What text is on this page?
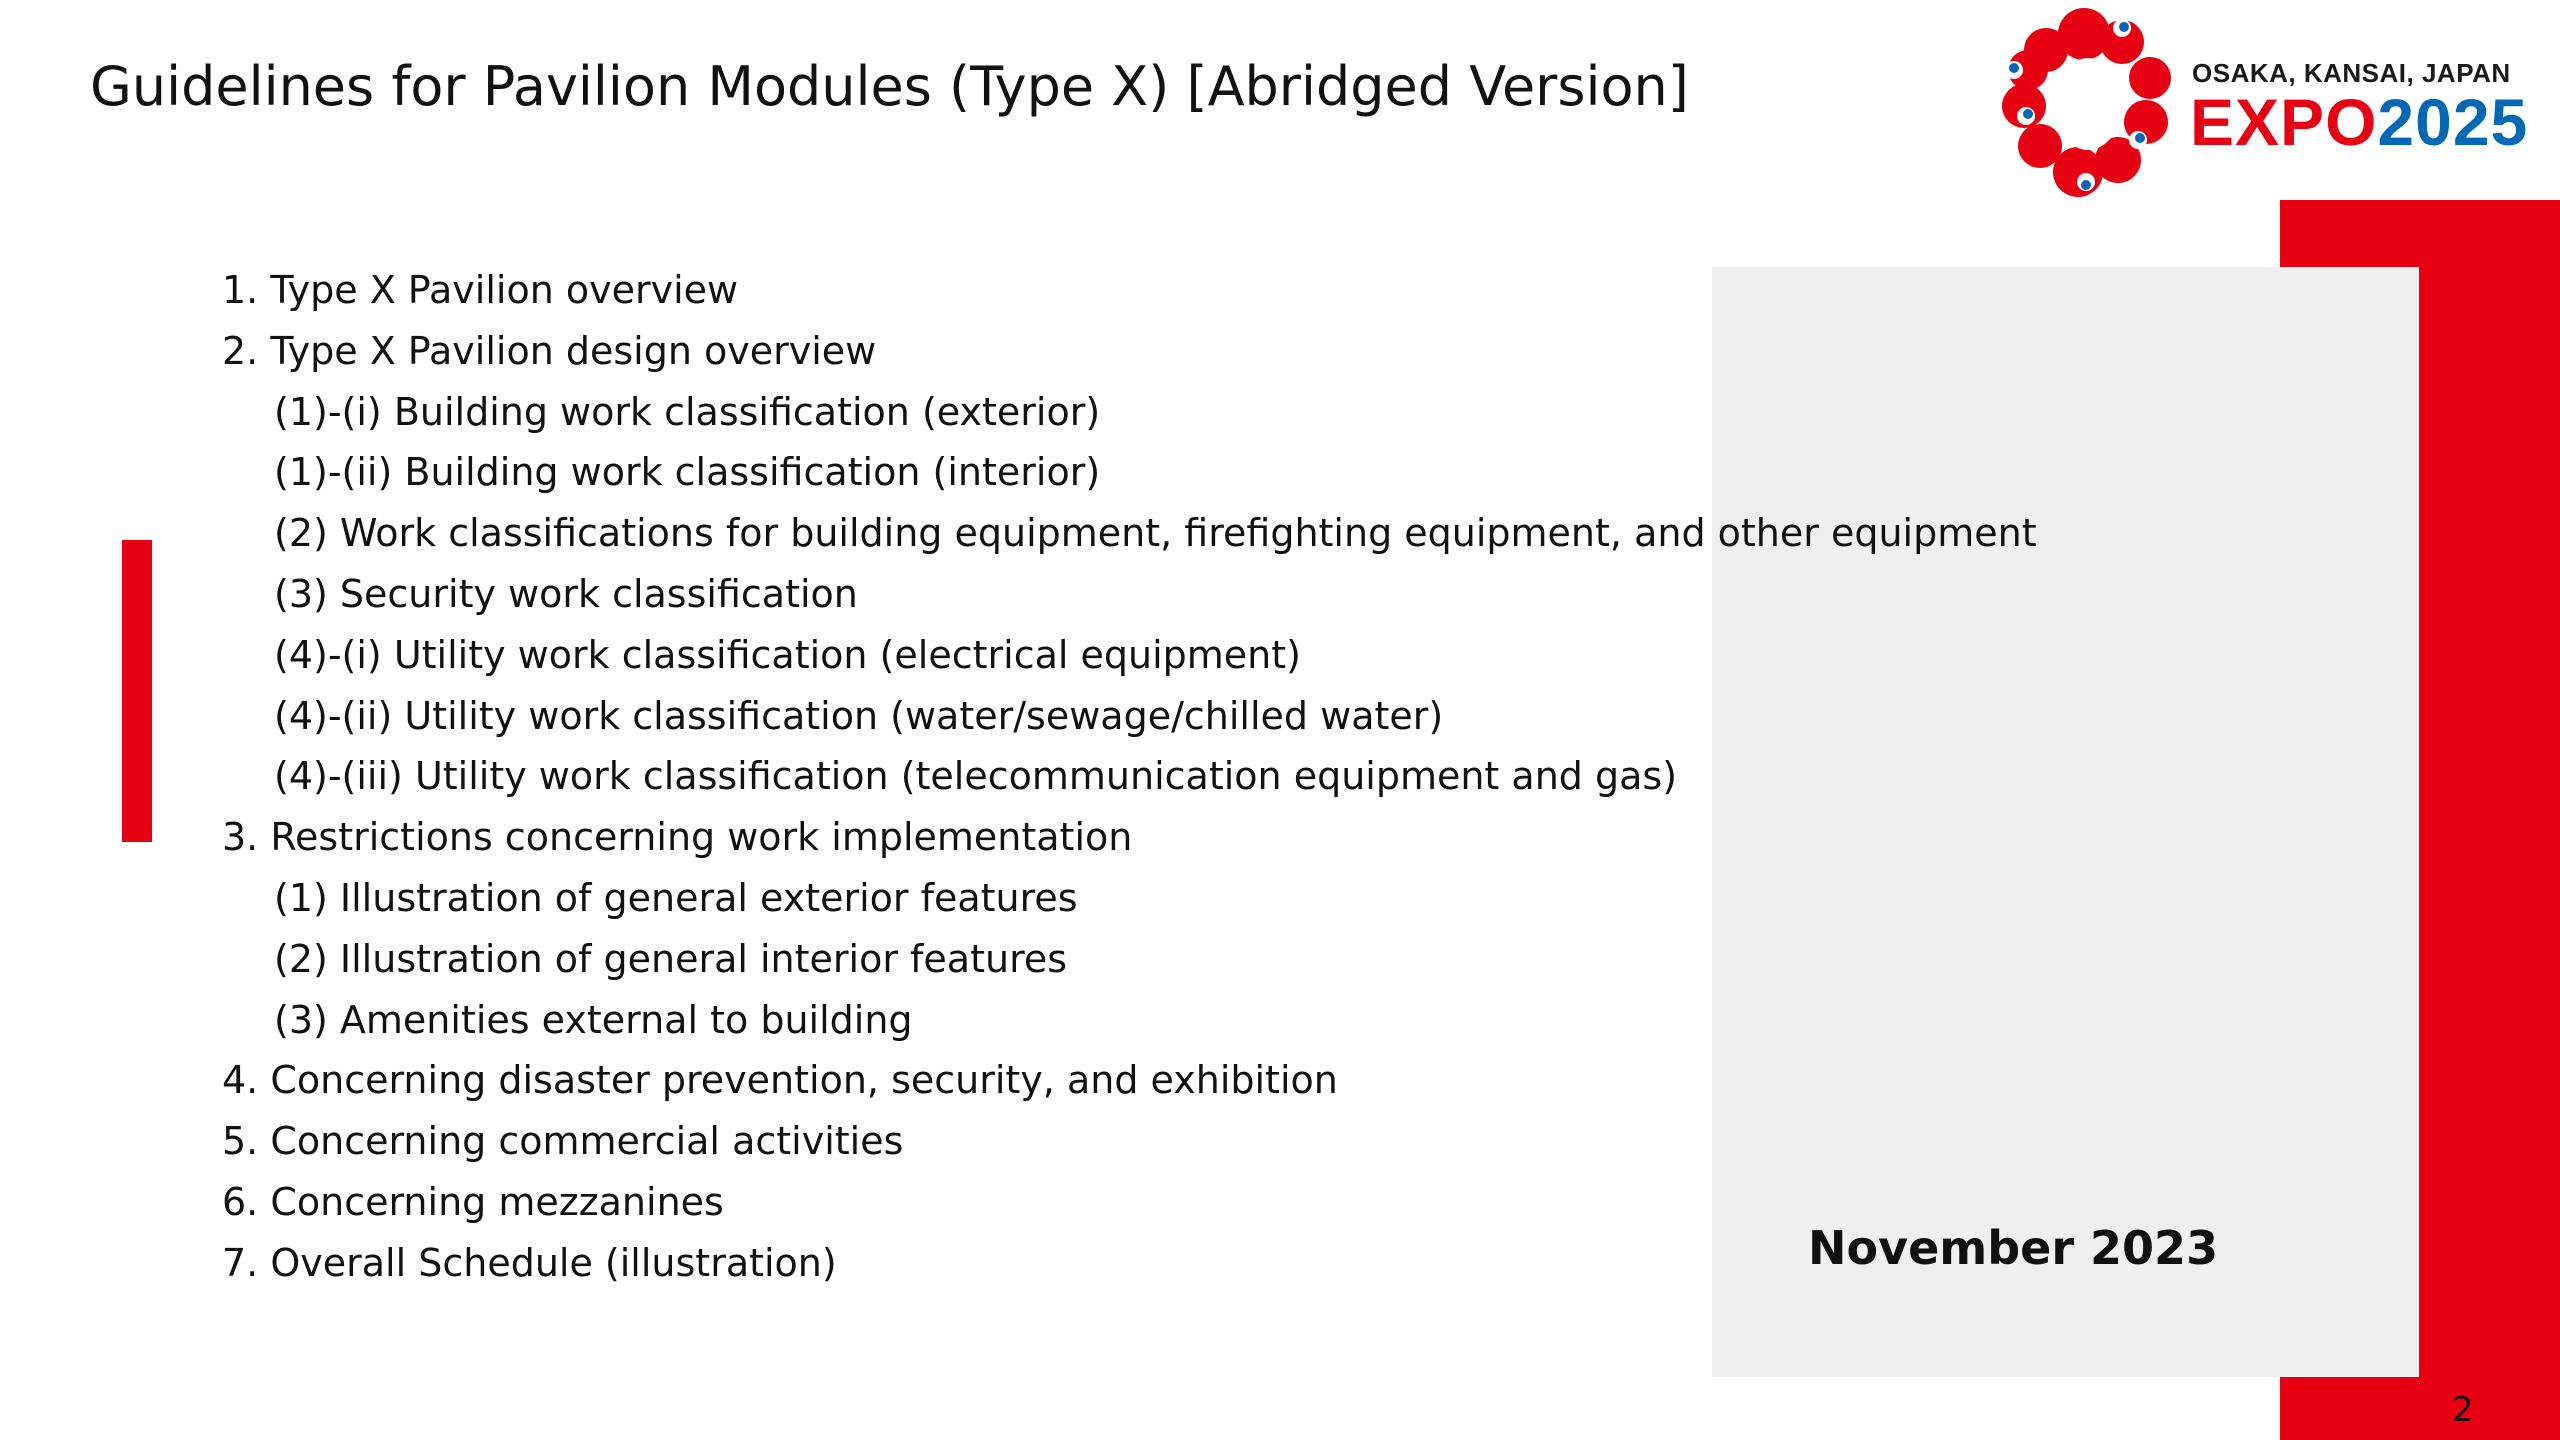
Guidelines for Pavilion Modules (Type X) [Abridged Version]	OSAKA, KANSAI, JAPAN
EXPO2025
1. Type X Pavilion overview
2. Type X Pavilion design overview
(1)-(i) Building work classification (exterior)
(1)-(ii) Building work classification (interior)
(2) Work classifications for building equipment, firefighting equipment, and other equipment
(3) Security work classification
(4)-(i) Utility work classification (electrical equipment)
(4)-(ii) Utility work classification (water/sewage/chilled water)
(4)-(iii) Utility work classification (telecommunication equipment and gas)
3. Restrictions concerning work implementation
(1) Illustration of general exterior features
(2) Illustration of general interior features
(3) Amenities external to building
4. Concerning disaster prevention, security, and exhibition
5. Concerning commercial activities
6. Concerning mezzanines
7. Overall Schedule (illustration)	November 2023
2
